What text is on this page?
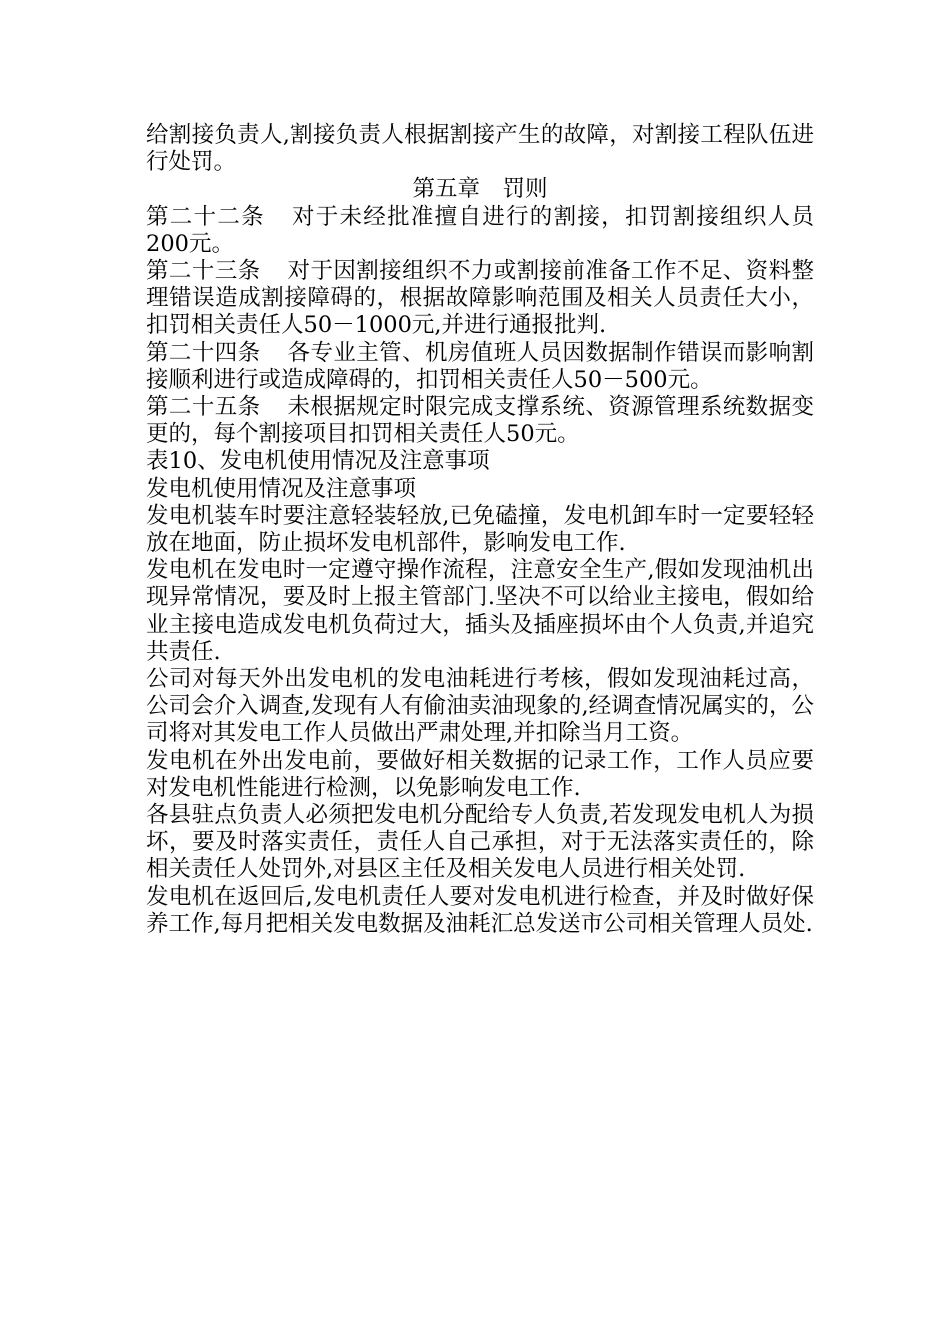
给割接负责人,割接负责人根据割接产生的故障，对割接工程队伍进行处罚。

第五章　罚则

第二十二条 对于未经批准擅自进行的割接，扣罚割接组织人员200元。

第二十三条 对于因割接组织不力或割接前准备工作不足、资料整理错误造成割接障碍的，根据故障影响范围及相关人员责任大小，扣罚相关责任人50－1000元,并进行通报批判.

第二十四条 各专业主管、机房值班人员因数据制作错误而影响割接顺利进行或造成障碍的，扣罚相关责任人50－500元。

第二十五条 未根据规定时限完成支撑系统、资源管理系统数据变更的，每个割接项目扣罚相关责任人50元。

表10、发电机使用情况及注意事项

发电机使用情况及注意事项

发电机装车时要注意轻装轻放,已免磕撞，发电机卸车时一定要轻轻放在地面，防止损坏发电机部件，影响发电工作.

发电机在发电时一定遵守操作流程，注意安全生产,假如发现油机出现异常情况，要及时上报主管部门.坚决不可以给业主接电，假如给业主接电造成发电机负荷过大，插头及插座损坏由个人负责,并追究共责任.

公司对每天外出发电机的发电油耗进行考核，假如发现油耗过高，公司会介入调查,发现有人有偷油卖油现象的,经调查情况属实的，公司将对其发电工作人员做出严肃处理,并扣除当月工资。

发电机在外出发电前，要做好相关数据的记录工作，工作人员应要对发电机性能进行检测，以免影响发电工作.

各县驻点负责人必须把发电机分配给专人负责,若发现发电机人为损坏，要及时落实责任，责任人自己承担，对于无法落实责任的，除相关责任人处罚外,对县区主任及相关发电人员进行相关处罚.

发电机在返回后,发电机责任人要对发电机进行检查，并及时做好保养工作,每月把相关发电数据及油耗汇总发送市公司相关管理人员处.
